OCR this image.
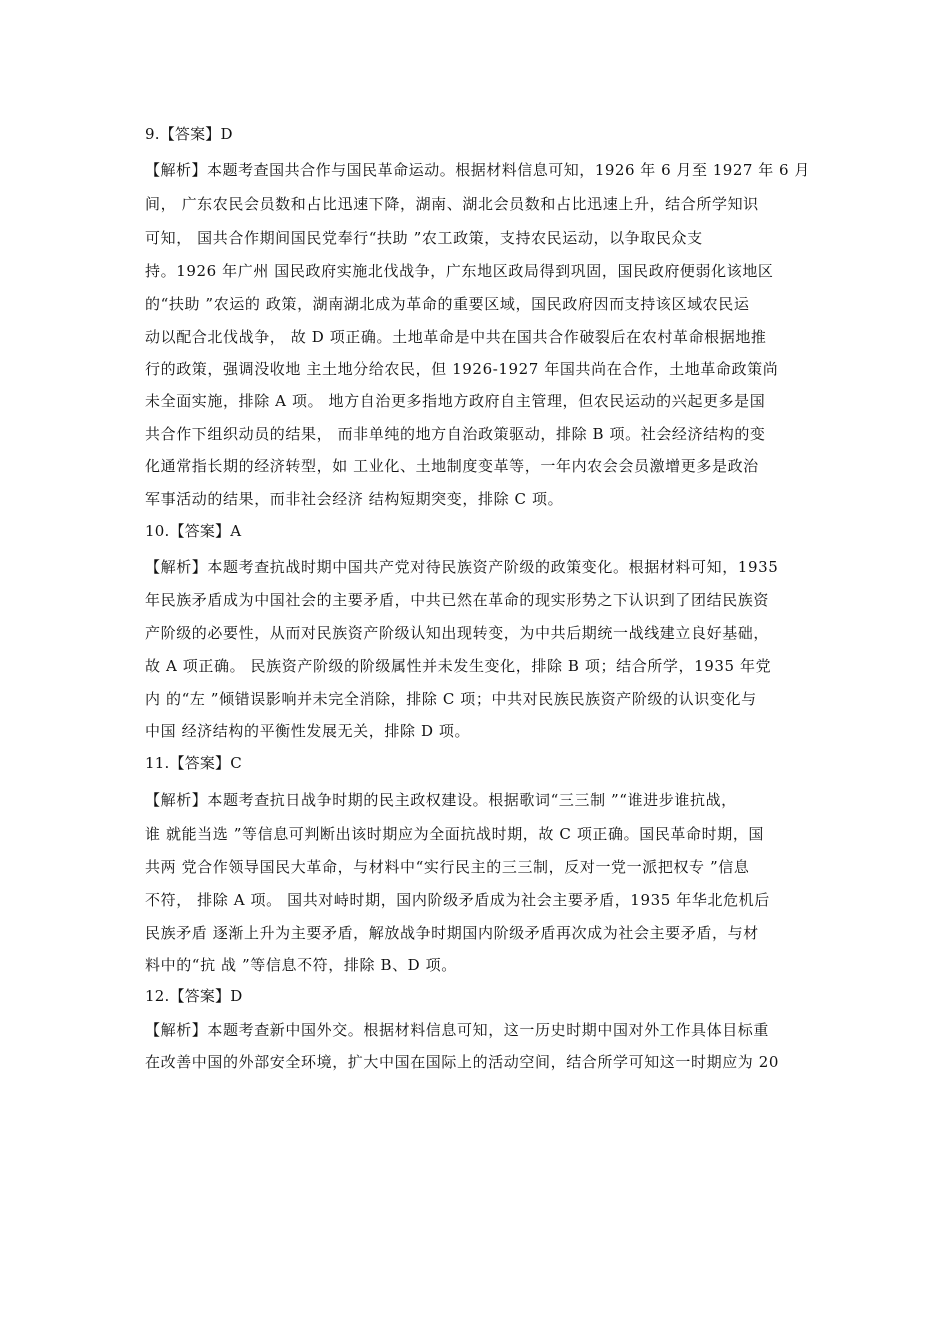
9.【答案】D
【解析】本题考查国共合作与国民革命运动。根据材料信息可知，1926 年 6 月至 1927 年 6 月
间， 广东农民会员数和占比迅速下降，湖南、湖北会员数和占比迅速上升，结合所学知识
可知， 国共合作期间国民党奉行“扶助 ”农工政策，支持农民运动，以争取民众支
持。1926 年广州 国民政府实施北伐战争，广东地区政局得到巩固，国民政府便弱化该地区
的“扶助 ”农运的 政策，湖南湖北成为革命的重要区域，国民政府因而支持该区域农民运
动以配合北伐战争， 故 D 项正确。土地革命是中共在国共合作破裂后在农村革命根据地推
行的政策，强调没收地 主土地分给农民，但 1926-1927 年国共尚在合作，土地革命政策尚
未全面实施，排除 A 项。 地方自治更多指地方政府自主管理，但农民运动的兴起更多是国
共合作下组织动员的结果， 而非单纯的地方自治政策驱动，排除 B 项。社会经济结构的变
化通常指长期的经济转型，如 工业化、土地制度变革等，一年内农会会员激增更多是政治
军事活动的结果，而非社会经济 结构短期突变，排除 C 项。
10.【答案】A
【解析】本题考查抗战时期中国共产党对待民族资产阶级的政策变化。根据材料可知，1935
年民族矛盾成为中国社会的主要矛盾，中共已然在革命的现实形势之下认识到了团结民族资
产阶级的必要性，从而对民族资产阶级认知出现转变，为中共后期统一战线建立良好基础，
故 A 项正确。 民族资产阶级的阶级属性并未发生变化，排除 B 项；结合所学，1935 年党
内 的“左 ”倾错误影响并未完全消除，排除 C 项；中共对民族民族资产阶级的认识变化与
中国 经济结构的平衡性发展无关，排除 D 项。
11.【答案】C
【解析】本题考查抗日战争时期的民主政权建设。根据歌词“三三制 ”“谁进步谁抗战，
谁 就能当选 ”等信息可判断出该时期应为全面抗战时期，故 C 项正确。国民革命时期，国
共两 党合作领导国民大革命，与材料中“实行民主的三三制，反对一党一派把权专 ”信息
不符， 排除 A 项。 国共对峙时期，国内阶级矛盾成为社会主要矛盾，1935 年华北危机后
民族矛盾 逐渐上升为主要矛盾，解放战争时期国内阶级矛盾再次成为社会主要矛盾，与材
料中的“抗 战 ”等信息不符，排除 B、D 项。
12.【答案】D
【解析】本题考查新中国外交。根据材料信息可知，这一历史时期中国对外工作具体目标重
在改善中国的外部安全环境，扩大中国在国际上的活动空间，结合所学可知这一时期应为 20
